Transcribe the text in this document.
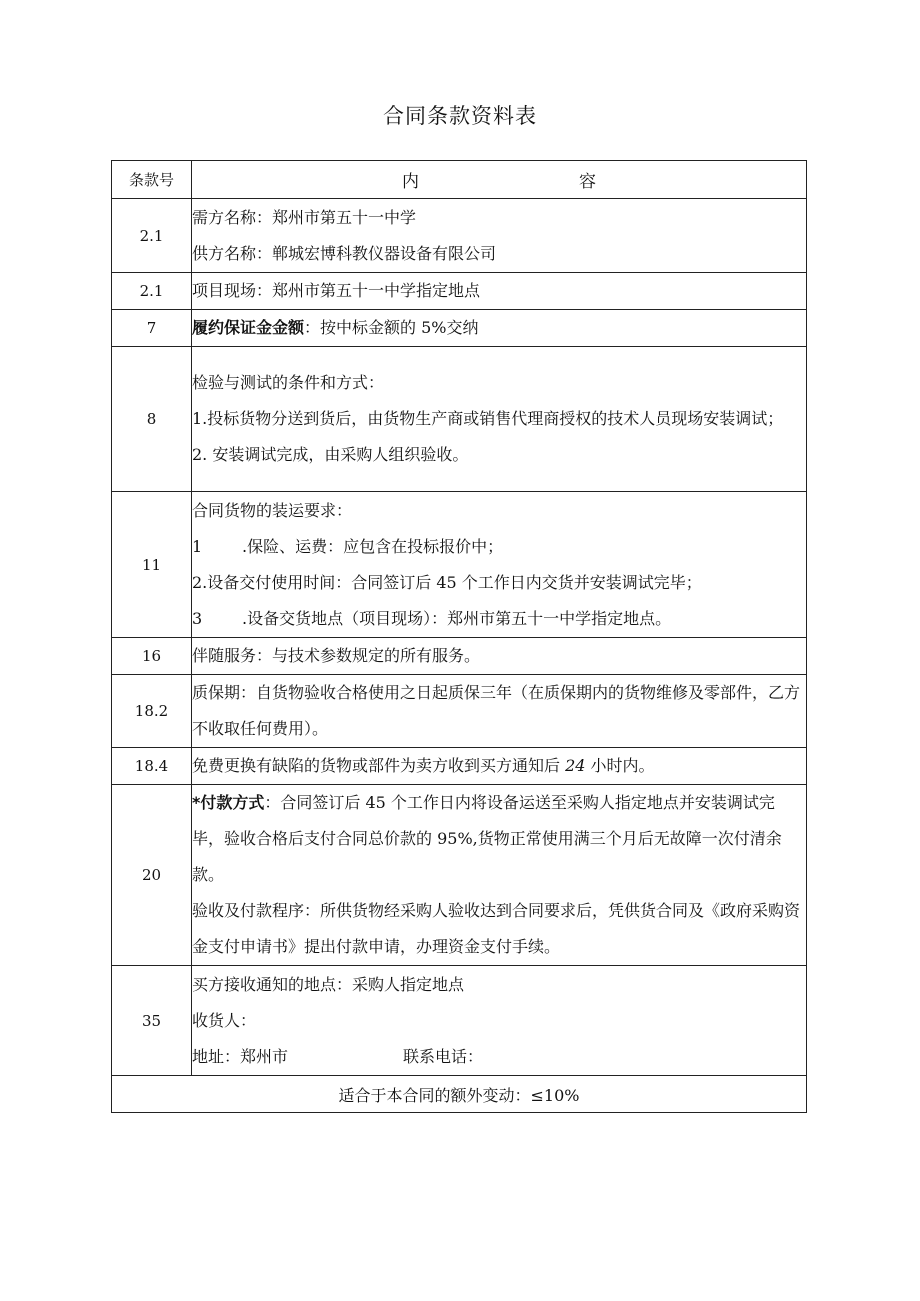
合同条款资料表
条款号	内 容
2.1	需方名称：郑州市第五十一中学
供方名称：郸城宏博科教仪器设备有限公司

2.1	项目现场：郑州市第五十一中学指定地点

7	履约保证金金额：按中标金额的 5%交纳

8	检验与测试的条件和方式：
1.投标货物分送到货后，由货物生产商或销售代理商授权的技术人员现场安装调试；
2. 安装调试完成，由采购人组织验收。

11	合同货物的装运要求：
1 .保险、运费：应包含在投标报价中；
2.设备交付使用时间：合同签订后 45 个工作日内交货并安装调试完毕；
3 .设备交货地点（项目现场）：郑州市第五十一中学指定地点。

16	伴随服务：与技术参数规定的所有服务。

18.2	质保期：自货物验收合格使用之日起质保三年（在质保期内的货物维修及零部件，乙方不收取任何费用）。

18.4	免费更换有缺陷的货物或部件为卖方收到买方通知后 24 小时内。

20	*付款方式：合同签订后 45 个工作日内将设备运送至采购人指定地点并安装调试完毕，验收合格后支付合同总价款的 95%,货物正常使用满三个月后无故障一次付清余款。
验收及付款程序：所供货物经采购人验收达到合同要求后，凭供货合同及《政府采购资金支付申请书》提出付款申请，办理资金支付手续。

35	买方接收通知的地点：采购人指定地点
收货人：
地址：郑州市 联系电话：

适合于本合同的额外变动：≤10%	
